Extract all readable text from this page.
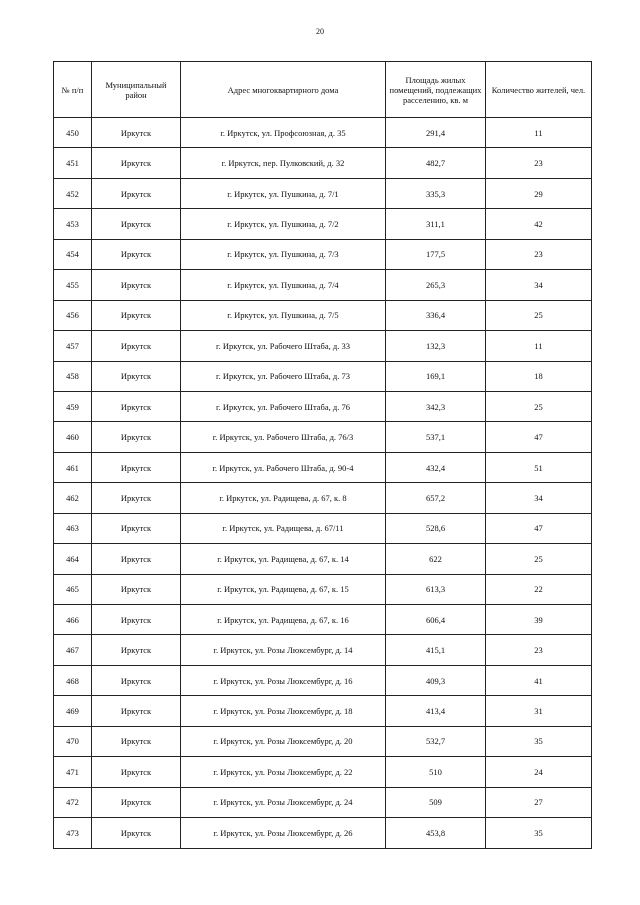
20
№ п/п	Муниципальный район	Адрес многоквартирного дома	Площадь жилых помещений, подлежащих расселению, кв. м	Количество жителей, чел.
450	Иркутск	г. Иркутск, ул. Профсоюзная, д. 35	291,4	11
451	Иркутск	г. Иркутск, пер. Пулковский, д. 32	482,7	23
452	Иркутск	г. Иркутск, ул. Пушкина, д. 7/1	335,3	29
453	Иркутск	г. Иркутск, ул. Пушкина, д. 7/2	311,1	42
454	Иркутск	г. Иркутск, ул. Пушкина, д. 7/3	177,5	23
455	Иркутск	г. Иркутск, ул. Пушкина, д. 7/4	265,3	34
456	Иркутск	г. Иркутск, ул. Пушкина, д. 7/5	336,4	25
457	Иркутск	г. Иркутск, ул. Рабочего Штаба, д. 33	132,3	11
458	Иркутск	г. Иркутск, ул. Рабочего Штаба, д. 73	169,1	18
459	Иркутск	г. Иркутск, ул. Рабочего Штаба, д. 76	342,3	25
460	Иркутск	г. Иркутск, ул. Рабочего Штаба, д. 76/3	537,1	47
461	Иркутск	г. Иркутск, ул. Рабочего Штаба, д. 90-4	432,4	51
462	Иркутск	г. Иркутск, ул. Радищева, д. 67, к. 8	657,2	34
463	Иркутск	г. Иркутск, ул. Радищева, д. 67/11	528,6	47
464	Иркутск	г. Иркутск, ул. Радищева, д. 67, к. 14	622	25
465	Иркутск	г. Иркутск, ул. Радищева, д. 67, к. 15	613,3	22
466	Иркутск	г. Иркутск, ул. Радищева, д. 67, к. 16	606,4	39
467	Иркутск	г. Иркутск, ул. Розы Люксембург, д. 14	415,1	23
468	Иркутск	г. Иркутск, ул. Розы Люксембург, д. 16	409,3	41
469	Иркутск	г. Иркутск, ул. Розы Люксембург, д. 18	413,4	31
470	Иркутск	г. Иркутск, ул. Розы Люксембург, д. 20	532,7	35
471	Иркутск	г. Иркутск, ул. Розы Люксембург, д. 22	510	24
472	Иркутск	г. Иркутск, ул. Розы Люксембург, д. 24	509	27
473	Иркутск	г. Иркутск, ул. Розы Люксембург, д. 26	453,8	35
